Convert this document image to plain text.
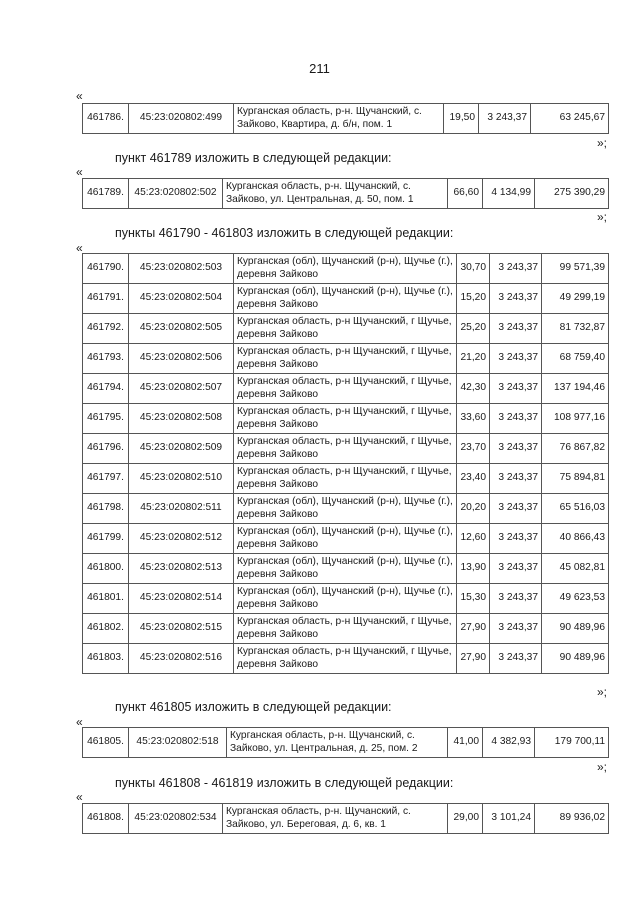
211
«
461786.	45:23:020802:499	Курганская область, р-н. Щучанский, с. Зайково, Квартира, д. б/н, пом. 1	19,50	3 243,37	63 245,67
»;
пункт 461789 изложить в следующей редакции:
«
461789.	45:23:020802:502	Курганская область, р-н. Щучанский, с. Зайково, ул. Центральная, д. 50, пом. 1	66,60	4 134,99	275 390,29
»;
пункты 461790 - 461803 изложить в следующей редакции:
«
461790.	45:23:020802:503	Курганская (обл), Щучанский (р-н), Щучье (г.), деревня Зайково	30,70	3 243,37	99 571,39
461791.	45:23:020802:504	Курганская (обл), Щучанский (р-н), Щучье (г.), деревня Зайково	15,20	3 243,37	49 299,19
461792.	45:23:020802:505	Курганская область, р-н Щучанский, г Щучье, деревня Зайково	25,20	3 243,37	81 732,87
461793.	45:23:020802:506	Курганская область, р-н Щучанский, г Щучье, деревня Зайково	21,20	3 243,37	68 759,40
461794.	45:23:020802:507	Курганская область, р-н Щучанский, г Щучье, деревня Зайково	42,30	3 243,37	137 194,46
461795.	45:23:020802:508	Курганская область, р-н Щучанский, г Щучье, деревня Зайково	33,60	3 243,37	108 977,16
461796.	45:23:020802:509	Курганская область, р-н Щучанский, г Щучье, деревня Зайково	23,70	3 243,37	76 867,82
461797.	45:23:020802:510	Курганская область, р-н Щучанский, г Щучье, деревня Зайково	23,40	3 243,37	75 894,81
461798.	45:23:020802:511	Курганская (обл), Щучанский (р-н), Щучье (г.), деревня Зайково	20,20	3 243,37	65 516,03
461799.	45:23:020802:512	Курганская (обл), Щучанский (р-н), Щучье (г.), деревня Зайково	12,60	3 243,37	40 866,43
461800.	45:23:020802:513	Курганская (обл), Щучанский (р-н), Щучье (г.), деревня Зайково	13,90	3 243,37	45 082,81
461801.	45:23:020802:514	Курганская (обл), Щучанский (р-н), Щучье (г.), деревня Зайково	15,30	3 243,37	49 623,53
461802.	45:23:020802:515	Курганская область, р-н Щучанский, г Щучье, деревня Зайково	27,90	3 243,37	90 489,96
461803.	45:23:020802:516	Курганская область, р-н Щучанский, г Щучье, деревня Зайково	27,90	3 243,37	90 489,96
»;
пункт 461805 изложить в следующей редакции:
«
461805.	45:23:020802:518	Курганская область, р-н. Щучанский, с. Зайково, ул. Центральная, д. 25, пом. 2	41,00	4 382,93	179 700,11
»;
пункты 461808 - 461819 изложить в следующей редакции:
«
461808.	45:23:020802:534	Курганская область, р-н. Щучанский, с. Зайково, ул. Береговая, д. 6, кв. 1	29,00	3 101,24	89 936,02
